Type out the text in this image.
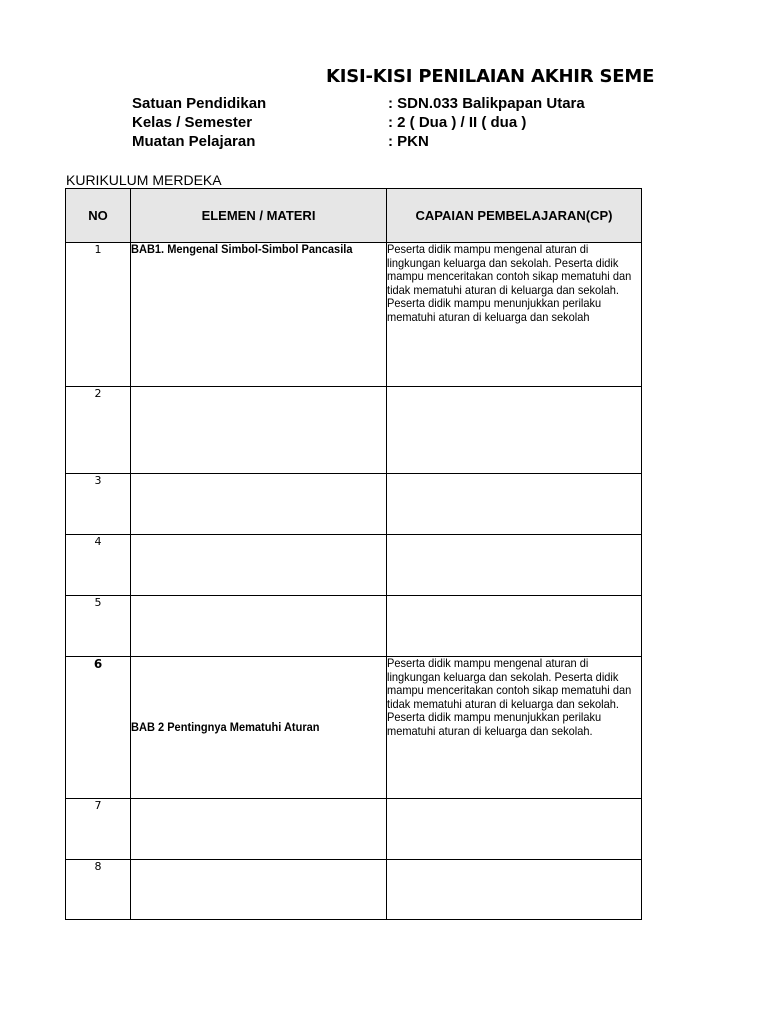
KISI-KISI PENILAIAN AKHIR SEME
Satuan Pendidikan	: SDN.033 Balikpapan Utara
Kelas / Semester	: 2 ( Dua ) / II ( dua )
Muatan Pelajaran	: PKN
KURIKULUM MERDEKA
NO	ELEMEN / MATERI	CAPAIAN PEMBELAJARAN(CP)
1	BAB1. Mengenal Simbol-Simbol Pancasila	Peserta didik mampu mengenal aturan di lingkungan keluarga dan sekolah. Peserta didik mampu menceritakan contoh sikap mematuhi dan tidak mematuhi aturan di keluarga dan sekolah. Peserta didik mampu menunjukkan perilaku mematuhi aturan di keluarga dan sekolah
2		
3		
4		
5		
6	BAB 2 Pentingnya Mematuhi Aturan	Peserta didik mampu mengenal aturan di lingkungan keluarga dan sekolah. Peserta didik mampu menceritakan contoh sikap mematuhi dan tidak mematuhi aturan di keluarga dan sekolah. Peserta didik mampu menunjukkan perilaku mematuhi aturan di keluarga dan sekolah.
7		
8		
